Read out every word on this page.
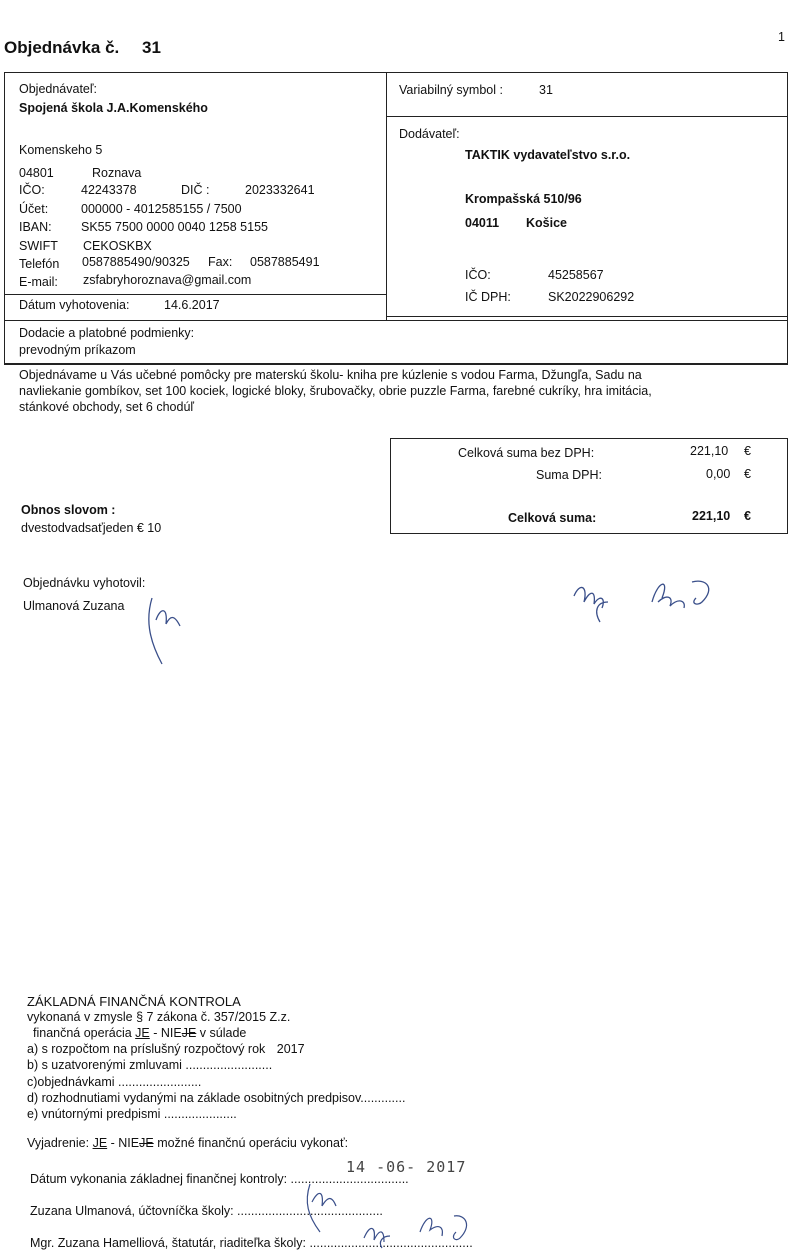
1
Objednávka č. 31
Objednávateľ:
Spojená škola J.A.Komenského
Komenskeho 5
04801	Roznava
IČO:	42243378	DIČ :	2023332641
Účet:	000000 - 4012585155 / 7500
IBAN: SK55 7500 0000 0040 1258 5155
SWIFT CEKOSKBX
Telefón 0587885490/90325 Fax: 0587885491
E-mail: zsfabryhoroznava@gmail.com
Dátum vyhotovenia:	14.6.2017
Variabilný symbol :	31
Dodávateľ:
TAKTIK vydavateľstvo s.r.o.
Krompašská 510/96
04011 Košice
IČO:	45258567
IČ DPH:	SK2022906292
Dodacie a platobné podmienky:
prevodným príkazom
Objednávame u Vás učebné pomôcky pre materskú školu- kniha pre kúzlenie s vodou Farma, Džungľa, Sadu na
navliekanie gombíkov, set 100 kociek, logické bloky, šrubovačky, obrie puzzle Farma, farebné cukríky, hra imitácia,
stánkové obchody, set 6 chodúľ
Celková suma bez DPH:	221,10 €
Suma DPH:	0,00 €
Celková suma:	221,10 €
Obnos slovom :
dvestodvadsaťjeden € 10
Objednávku vyhotovil:
Ulmanová Zuzana
ZÁKLADNÁ FINANČNÁ KONTROLA
vykonaná v zmysle § 7 zákona č. 357/2015 Z.z.
finančná operácia JE - NIEJE v súlade
a) s rozpočtom na príslušný rozpočtový rok 2017
b) s uzatvorenými zmluvami .........................
c)objednávkami ........................
d) rozhodnutiami vydanými na základe osobitných predpisov.............
e) vnútornými predpismi .....................
Vyjadrenie: JE - NIEJE možné finančnú operáciu vykonať:
Dátum vykonania základnej finančnej kontroly: ..................................
14 -06- 2017
Zuzana Ulmanová, účtovníčka školy: ..........................................
Mgr. Zuzana Hamelliová, štatutár, riaditeľka školy: ...............................................
